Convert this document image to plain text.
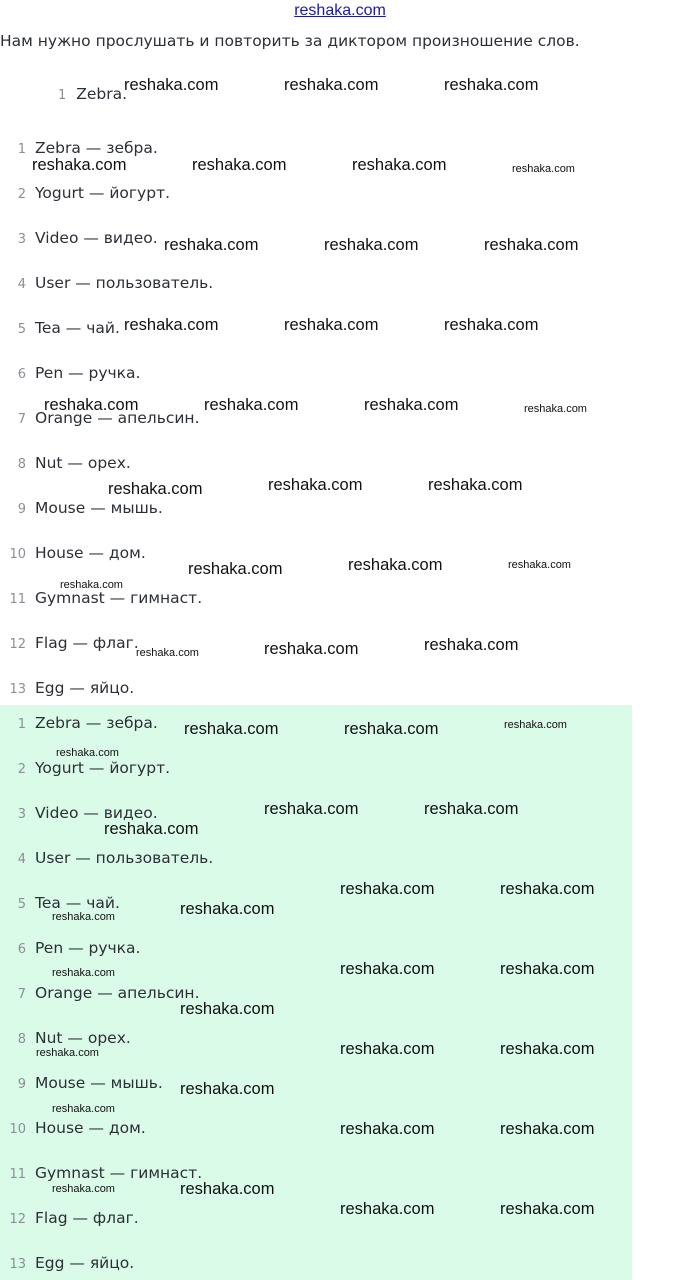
reshaka.com
Нам нужно прослушать и повторить за диктором произношение слов.
1 Zebra.
1 Zebra — зебра.
2 Yogurt — йогурт.
3 Video — видео.
4 User — пользователь.
5 Tea — чай.
6 Pen — ручка.
7 Orange — апельсин.
8 Nut — орех.
9 Mouse — мышь.
10 House — дом.
11 Gymnast — гимнаст.
12 Flag — флаг.
13 Egg — яйцо.
1 Zebra — зебра.
2 Yogurt — йогурт.
3 Video — видео.
4 User — пользователь.
5 Tea — чай.
6 Pen — ручка.
7 Orange — апельсин.
8 Nut — орех.
9 Mouse — мышь.
10 House — дом.
11 Gymnast — гимнаст.
12 Flag — флаг.
13 Egg — яйцо.
reshaka.com	reshaka.com	reshaka.com
reshaka.com	reshaka.com	reshaka.com	reshaka.com
reshaka.com	reshaka.com	reshaka.com
reshaka.com	reshaka.com	reshaka.com
reshaka.com	reshaka.com	reshaka.com	reshaka.com
reshaka.com	reshaka.com	reshaka.com
reshaka.com	reshaka.com	reshaka.com
reshaka.com
reshaka.com	reshaka.com	reshaka.com
reshaka.com	reshaka.com	reshaka.com
reshaka.com
reshaka.com	reshaka.com
reshaka.com
reshaka.com	reshaka.com
reshaka.com
reshaka.com
reshaka.com	reshaka.com
reshaka.com
reshaka.com
reshaka.com	reshaka.com
reshaka.com
reshaka.com
reshaka.com
reshaka.com	reshaka.com
reshaka.com	reshaka.com
reshaka.com	reshaka.com
